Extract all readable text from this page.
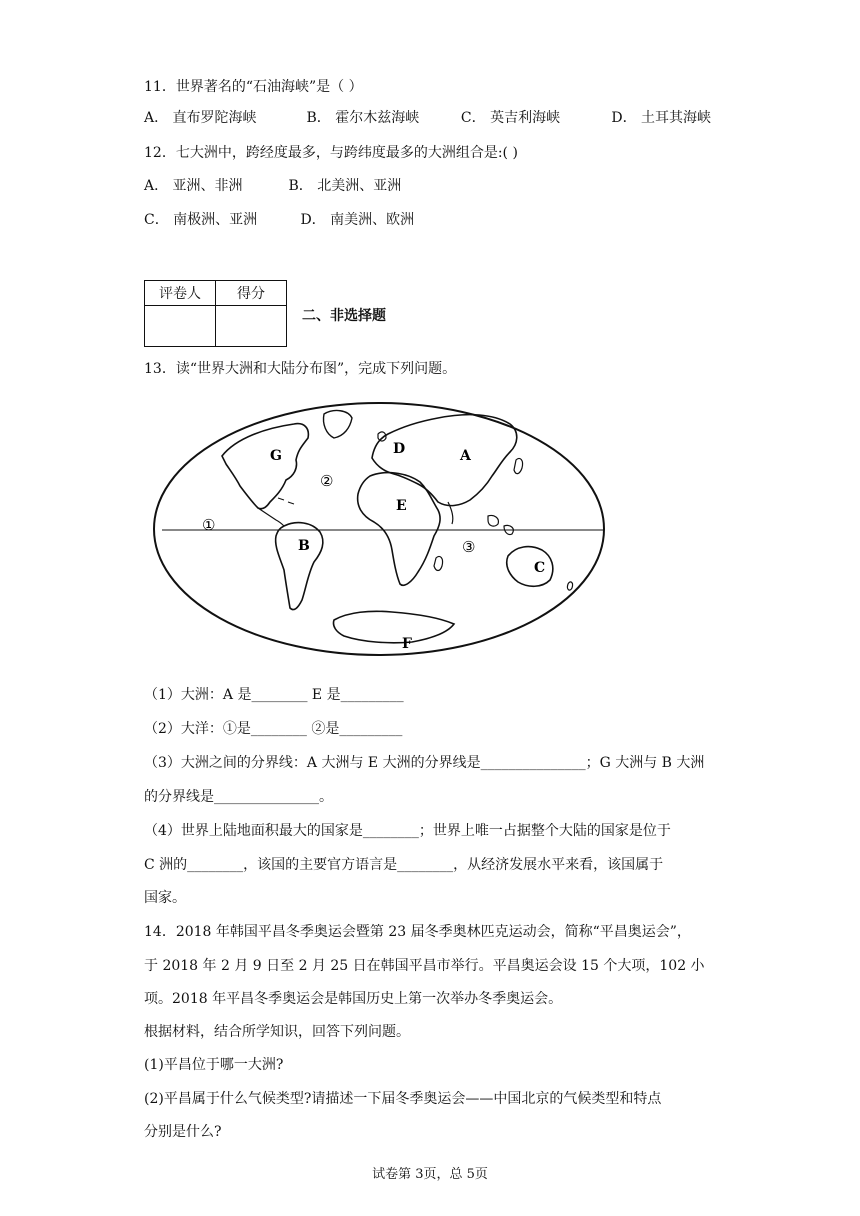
11．世界著名的“石油海峡”是（ ）
A． 直布罗陀海峡	B． 霍尔木兹海峡	C． 英吉利海峡	D． 土耳其海峡
12．七大洲中，跨经度最多，与跨纬度最多的大洲组合是:( )
A． 亚洲、非洲	B． 北美洲、亚洲
C． 南极洲、亚洲	D． 南美洲、欧洲
评卷人	得分

二、非选择题
13．读“世界大洲和大陆分布图”，完成下列问题。
G	D	A
②
E
①
B	③
C
F
（1）大洲：A 是________ E 是_________
（2）大洋：①是________ ②是_________
（3）大洲之间的分界线：A 大洲与 E 大洲的分界线是_______________；G 大洲与 B 大洲
的分界线是_______________。
（4）世界上陆地面积最大的国家是________；世界上唯一占据整个大陆的国家是位于
C 洲的________，该国的主要官方语言是________，从经济发展水平来看，该国属于
国家。
14．2018 年韩国平昌冬季奥运会暨第 23 届冬季奥林匹克运动会，简称“平昌奥运会”，
于 2018 年 2 月 9 日至 2 月 25 日在韩国平昌市举行。平昌奥运会设 15 个大项，102 小
项。2018 年平昌冬季奥运会是韩国历史上第一次举办冬季奥运会。
根据材料，结合所学知识，回答下列问题。
(1)平昌位于哪一大洲?
(2)平昌属于什么气候类型?请描述一下届冬季奥运会——中国北京的气候类型和特点
分别是什么?
试卷第 3页，总 5页
